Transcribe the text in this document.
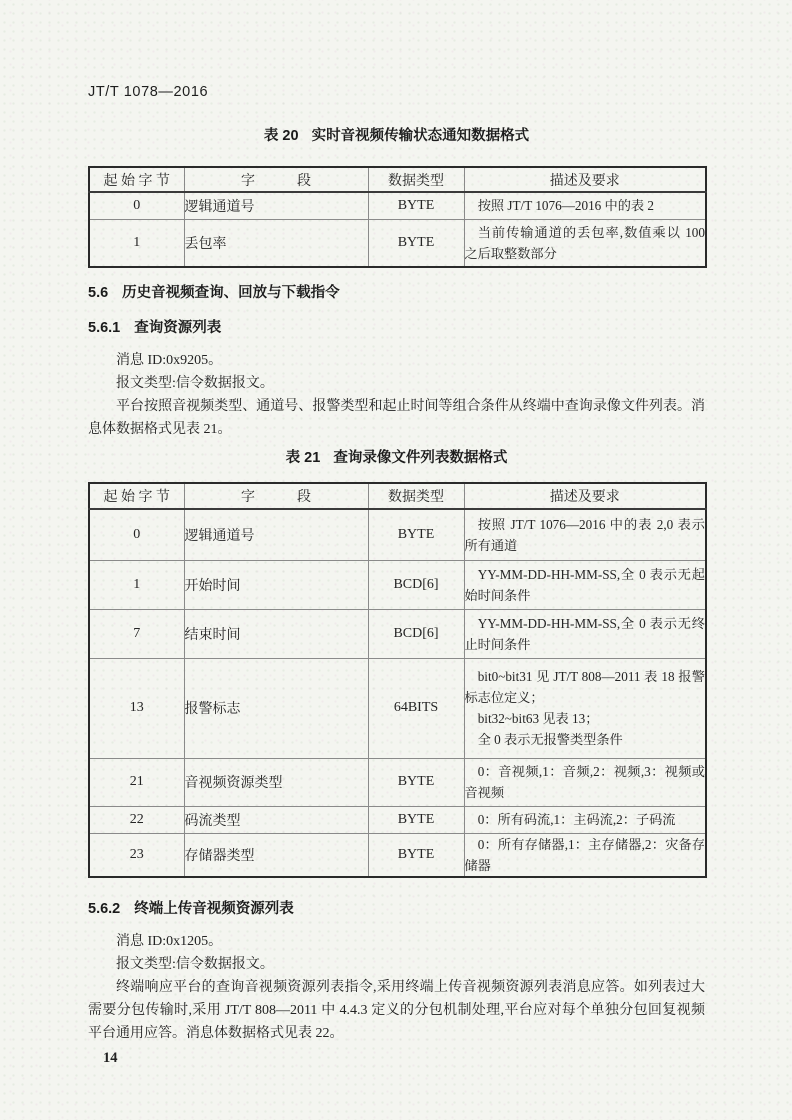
JT/T 1078—2016
表 20 实时音视频传输状态通知数据格式
起 始 字 节	字　　　段	数据类型	描述及要求
0	逻辑通道号	BYTE	按照 JT/T 1076—2016 中的表 2

1	丢包率	BYTE	当前传输通道的丢包率,数值乘以 100 之后取整数部分
5.6 历史音视频查询、回放与下载指令
5.6.1 查询资源列表
消息 ID:0x9205。
报文类型:信令数据报文。

平台按照音视频类型、通道号、报警类型和起止时间等组合条件从终端中查询录像文件列表。消息体数据格式见表 21。

表 21 查询录像文件列表数据格式
起 始 字 节	字　　　段	数据类型	描述及要求
0	逻辑通道号	BYTE	按照 JT/T 1076—2016 中的表 2,0 表示所有通道

1	开始时间	BCD[6]	YY-MM-DD-HH-MM-SS,全 0 表示无起始时间条件

7	结束时间	BCD[6]	YY-MM-DD-HH-MM-SS,全 0 表示无终止时间条件

13	报警标志	64BITS	bit0~bit31 见 JT/T 808—2011 表 18 报警标志位定义；
bit32~bit63 见表 13；
全 0 表示无报警类型条件

21	音视频资源类型	BYTE	0：音视频,1：音频,2：视频,3：视频或音视频

22	码流类型	BYTE	0：所有码流,1：主码流,2：子码流

23	存储器类型	BYTE	0：所有存储器,1：主存储器,2：灾备存储器
5.6.2 终端上传音视频资源列表
消息 ID:0x1205。
报文类型:信令数据报文。

终端响应平台的查询音视频资源列表指令,采用终端上传音视频资源列表消息应答。如列表过大需要分包传输时,采用 JT/T 808—2011 中 4.4.3 定义的分包机制处理,平台应对每个单独分包回复视频平台通用应答。消息体数据格式见表 22。

14
